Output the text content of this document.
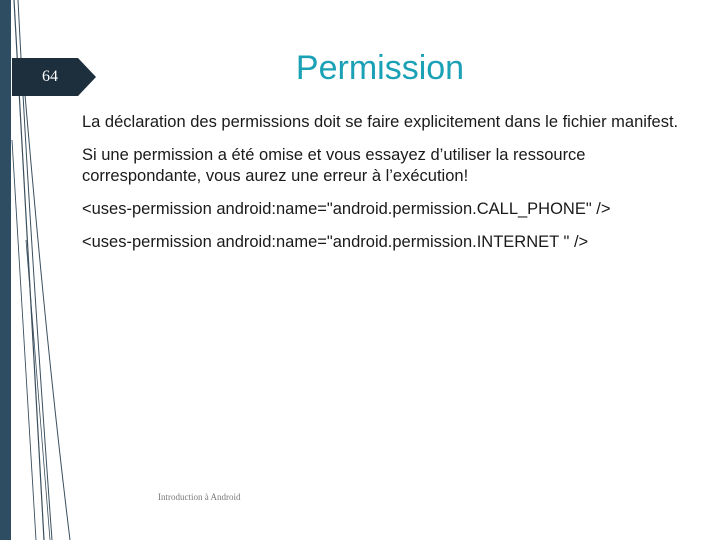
64	Permission

La déclaration des permissions doit se faire explicitement dans le fichier manifest.

Si une permission a été omise et vous essayez d’utiliser la ressource correspondante, vous aurez une erreur à l’exécution!

<uses-permission android:name="android.permission.CALL_PHONE" />

<uses-permission android:name="android.permission.INTERNET " />

Introduction à Android
